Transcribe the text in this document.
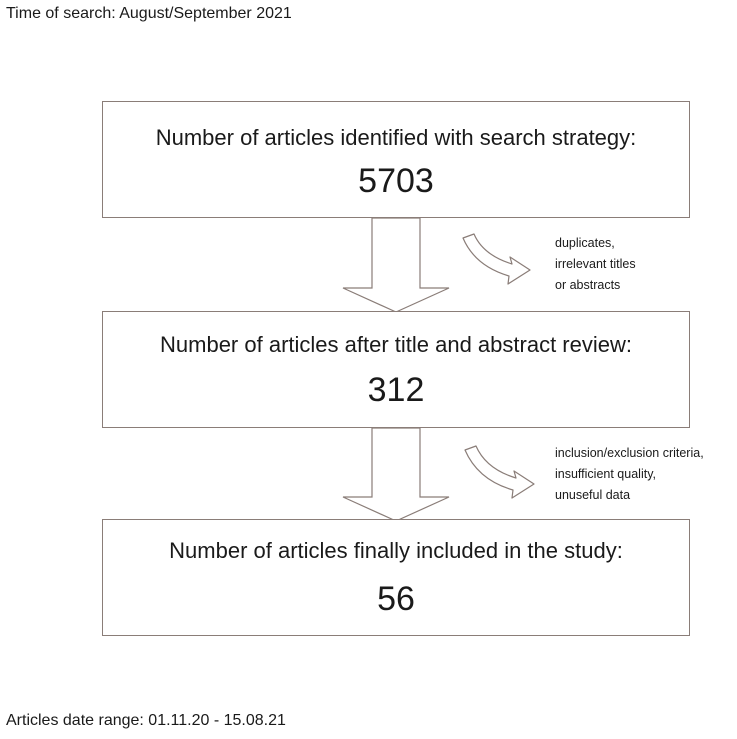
Time of search: August/September 2021
Number of articles identified with search strategy:
5703
Number of articles after title and abstract review:
312
Number of articles finally included in the study:
56
duplicates,
irrelevant titles
or abstracts
inclusion/exclusion criteria,
insufficient quality,
unuseful data
Articles date range: 01.11.20 - 15.08.21
